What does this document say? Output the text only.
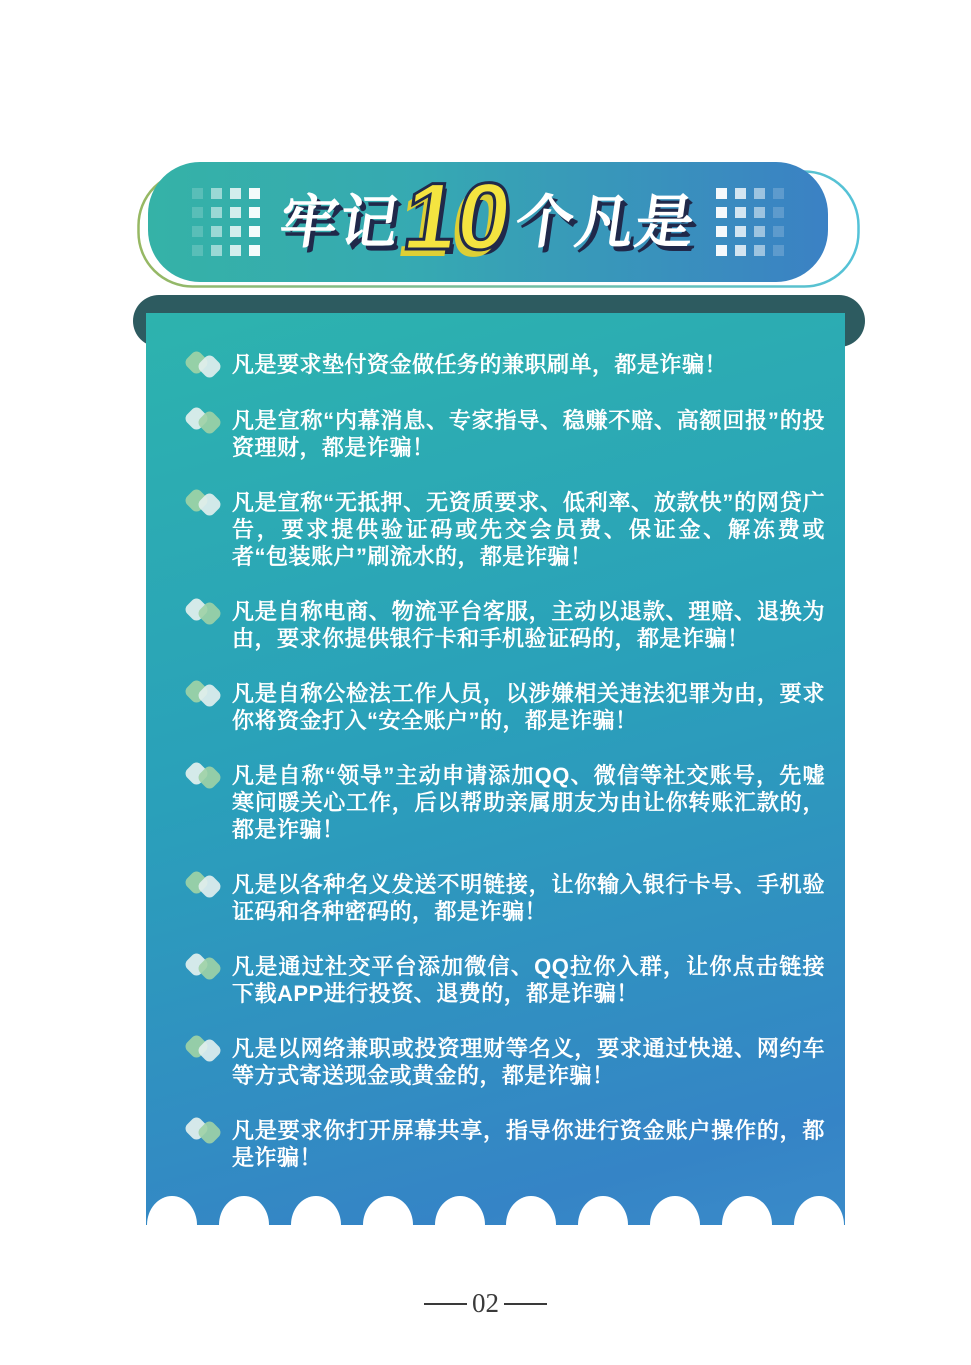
牢记
10
个凡是
凡是要求垫付资金做任务的兼职刷单，都是诈骗！
凡是宣称“内幕消息、专家指导、稳赚不赔、高额回报”的投资理财，都是诈骗！
凡是宣称“无抵押、无资质要求、低利率、放款快”的网贷广告，要求提供验证码或先交会员费、保证金、解冻费或者“包装账户”刷流水的，都是诈骗！
凡是自称电商、物流平台客服，主动以退款、理赔、退换为由，要求你提供银行卡和手机验证码的，都是诈骗！
凡是自称公检法工作人员，以涉嫌相关违法犯罪为由，要求你将资金打入“安全账户”的，都是诈骗！
凡是自称“领导”主动申请添加QQ、微信等社交账号，先嘘寒问暖关心工作，后以帮助亲属朋友为由让你转账汇款的，都是诈骗！
凡是以各种名义发送不明链接，让你输入银行卡号、手机验证码和各种密码的，都是诈骗！
凡是通过社交平台添加微信、QQ拉你入群，让你点击链接下载APP进行投资、退费的，都是诈骗！
凡是以网络兼职或投资理财等名义，要求通过快递、网约车等方式寄送现金或黄金的，都是诈骗！
凡是要求你打开屏幕共享，指导你进行资金账户操作的，都是诈骗！
02
